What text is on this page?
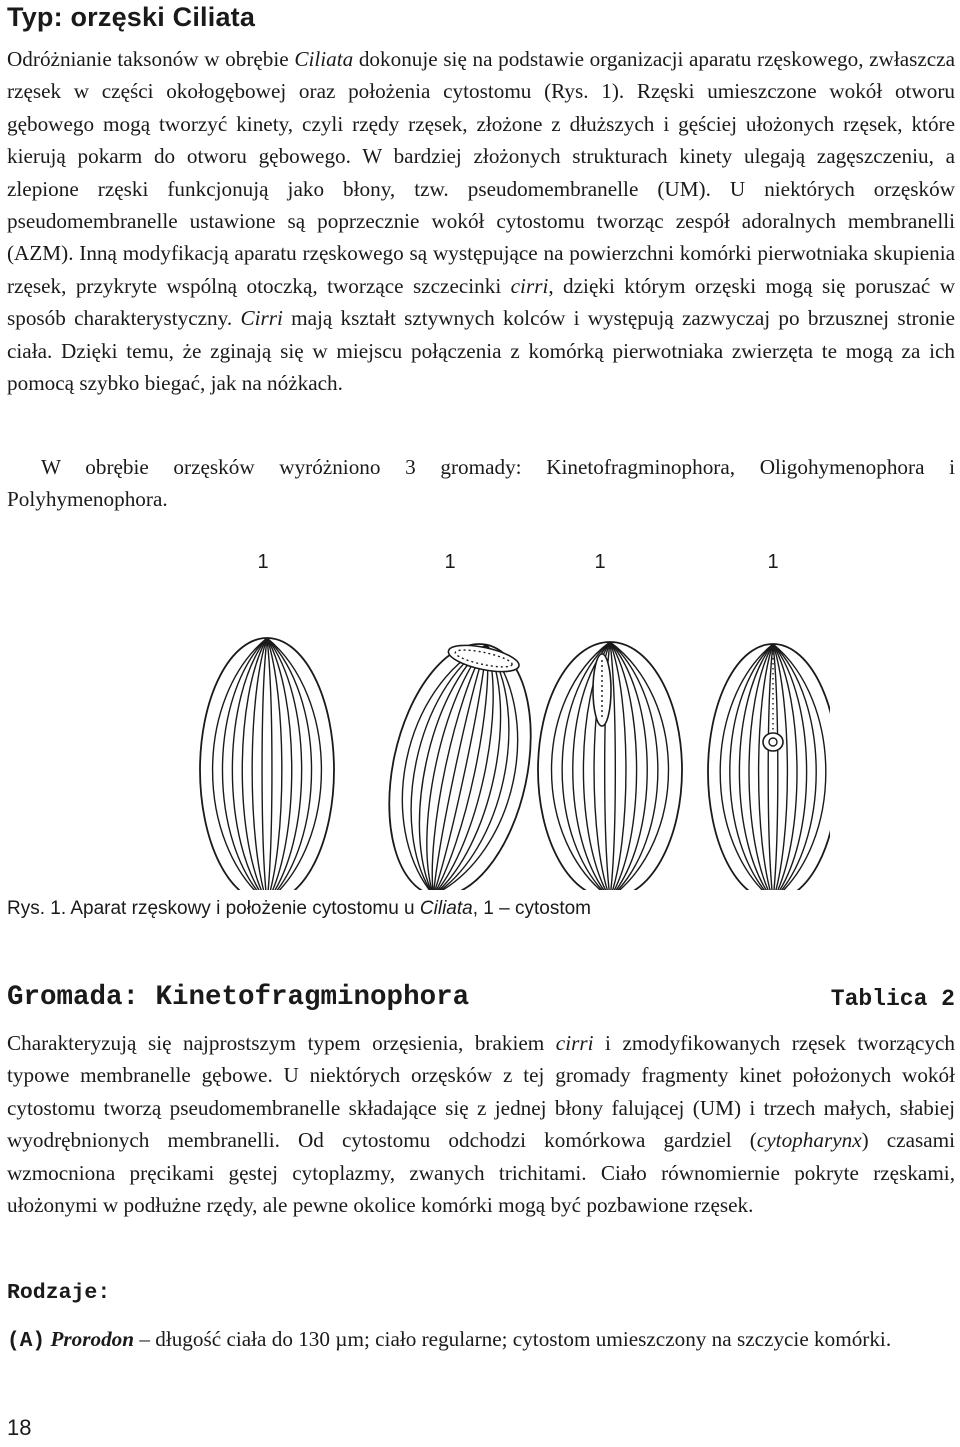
Typ: orzęski Ciliata

Odróżnianie taksonów w obrębie Ciliata dokonuje się na podstawie organizacji aparatu rzęskowego, zwłaszcza rzęsek w części okołogębowej oraz położenia cytostomu (Rys. 1). Rzęski umieszczone wokół otworu gębowego mogą tworzyć kinety, czyli rzędy rzęsek, złożone z dłuższych i gęściej ułożonych rzęsek, które kierują pokarm do otworu gębowego. W bardziej złożonych strukturach kinety ulegają zagęszczeniu, a zlepione rzęski funkcjonują jako błony, tzw. pseudomembranelle (UM). U niektórych orzęsków pseudomembranelle ustawione są poprzecznie wokół cytostomu tworząc zespół adoralnych membranelli (AZM). Inną modyfikacją aparatu rzęskowego są występujące na powierzchni komórki pierwotniaka skupienia rzęsek, przykryte wspólną otoczką, tworzące szczecinki cirri, dzięki którym orzęski mogą się poruszać w sposób charakterystyczny. Cirri mają kształt sztywnych kolców i występują zazwyczaj po brzusznej stronie ciała. Dzięki temu, że zginają się w miejscu połączenia z komórką pierwotniaka zwierzęta te mogą za ich pomocą szybko biegać, jak na nóżkach.

W obrębie orzęsków wyróżniono 3 gromady: Kinetofragminophora, Oligohymenophora i Polyhymenophora.

1	1	1	1

Rys. 1. Aparat rzęskowy i położenie cytostomu u Ciliata, 1 – cytostom

Gromada: Kinetofragminophora	Tablica 2

Charakteryzują się najprostszym typem orzęsienia, brakiem cirri i zmodyfikowanych rzęsek tworzących typowe membranelle gębowe. U niektórych orzęsków z tej gromady fragmenty kinet położonych wokół cytostomu tworzą pseudomembranelle składające się z jednej błony falującej (UM) i trzech małych, słabiej wyodrębnionych membranelli. Od cytostomu odchodzi komórkowa gardziel (cytopharynx) czasami wzmocniona pręcikami gęstej cytoplazmy, zwanych trichitami. Ciało równomiernie pokryte rzęskami, ułożonymi w podłużne rzędy, ale pewne okolice komórki mogą być pozbawione rzęsek.

Rodzaje:

(A) Prorodon – długość ciała do 130 µm; ciało regularne; cytostom umieszczony na szczycie komórki.

18
